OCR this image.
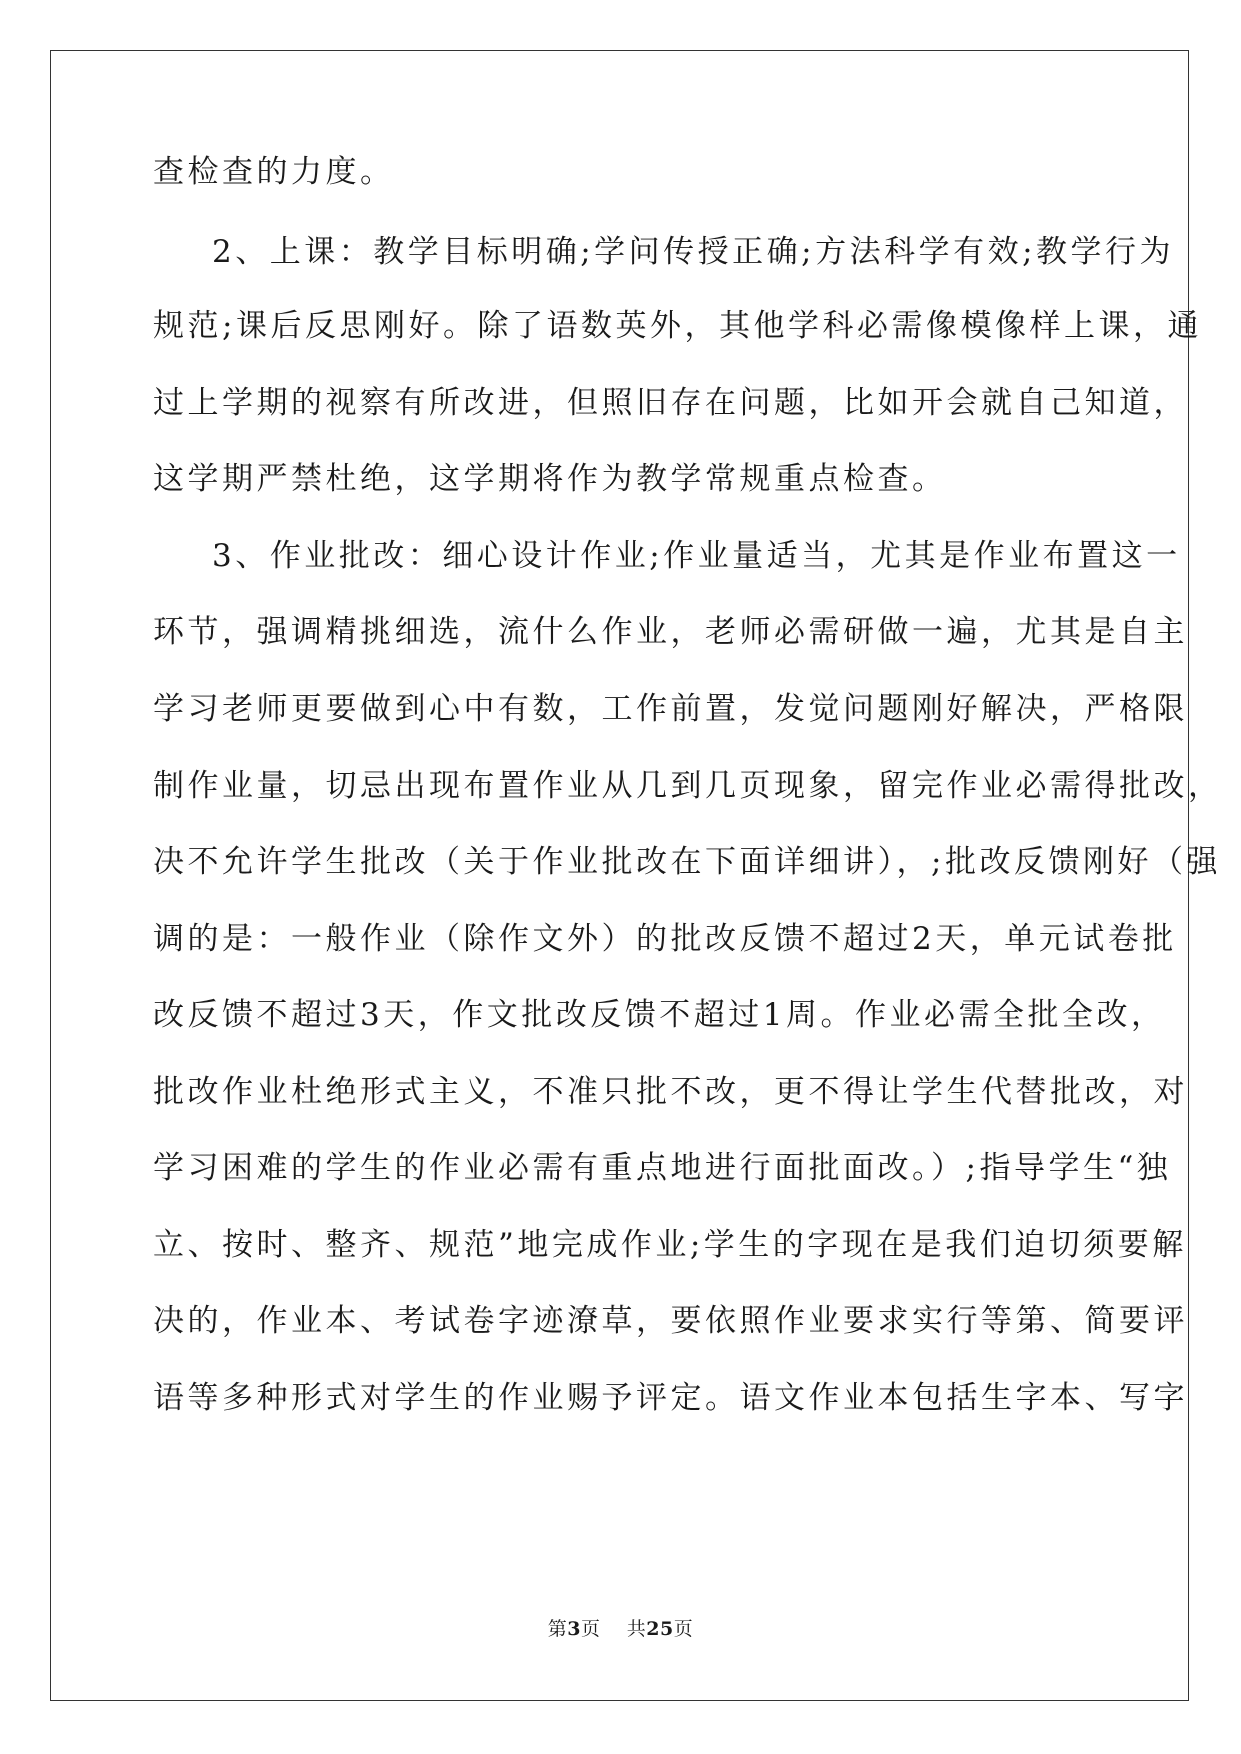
查检查的力度。
2、上课：教学目标明确;学问传授正确;方法科学有效;教学行为
规范;课后反思刚好。除了语数英外，其他学科必需像模像样上课，通
过上学期的视察有所改进，但照旧存在问题，比如开会就自己知道，
这学期严禁杜绝，这学期将作为教学常规重点检查。
3、作业批改：细心设计作业;作业量适当，尤其是作业布置这一
环节，强调精挑细选，流什么作业，老师必需研做一遍，尤其是自主
学习老师更要做到心中有数，工作前置，发觉问题刚好解决，严格限
制作业量，切忌出现布置作业从几到几页现象，留完作业必需得批改，
决不允许学生批改（关于作业批改在下面详细讲），;批改反馈刚好（强
调的是：一般作业（除作文外）的批改反馈不超过2天，单元试卷批
改反馈不超过3天，作文批改反馈不超过1周。作业必需全批全改，
批改作业杜绝形式主义，不准只批不改，更不得让学生代替批改，对
学习困难的学生的作业必需有重点地进行面批面改。）;指导学生“独
立、按时、整齐、规范”地完成作业;学生的字现在是我们迫切须要解
决的，作业本、考试卷字迹潦草，要依照作业要求实行等第、简要评
语等多种形式对学生的作业赐予评定。语文作业本包括生字本、写字
第3页 共25页
